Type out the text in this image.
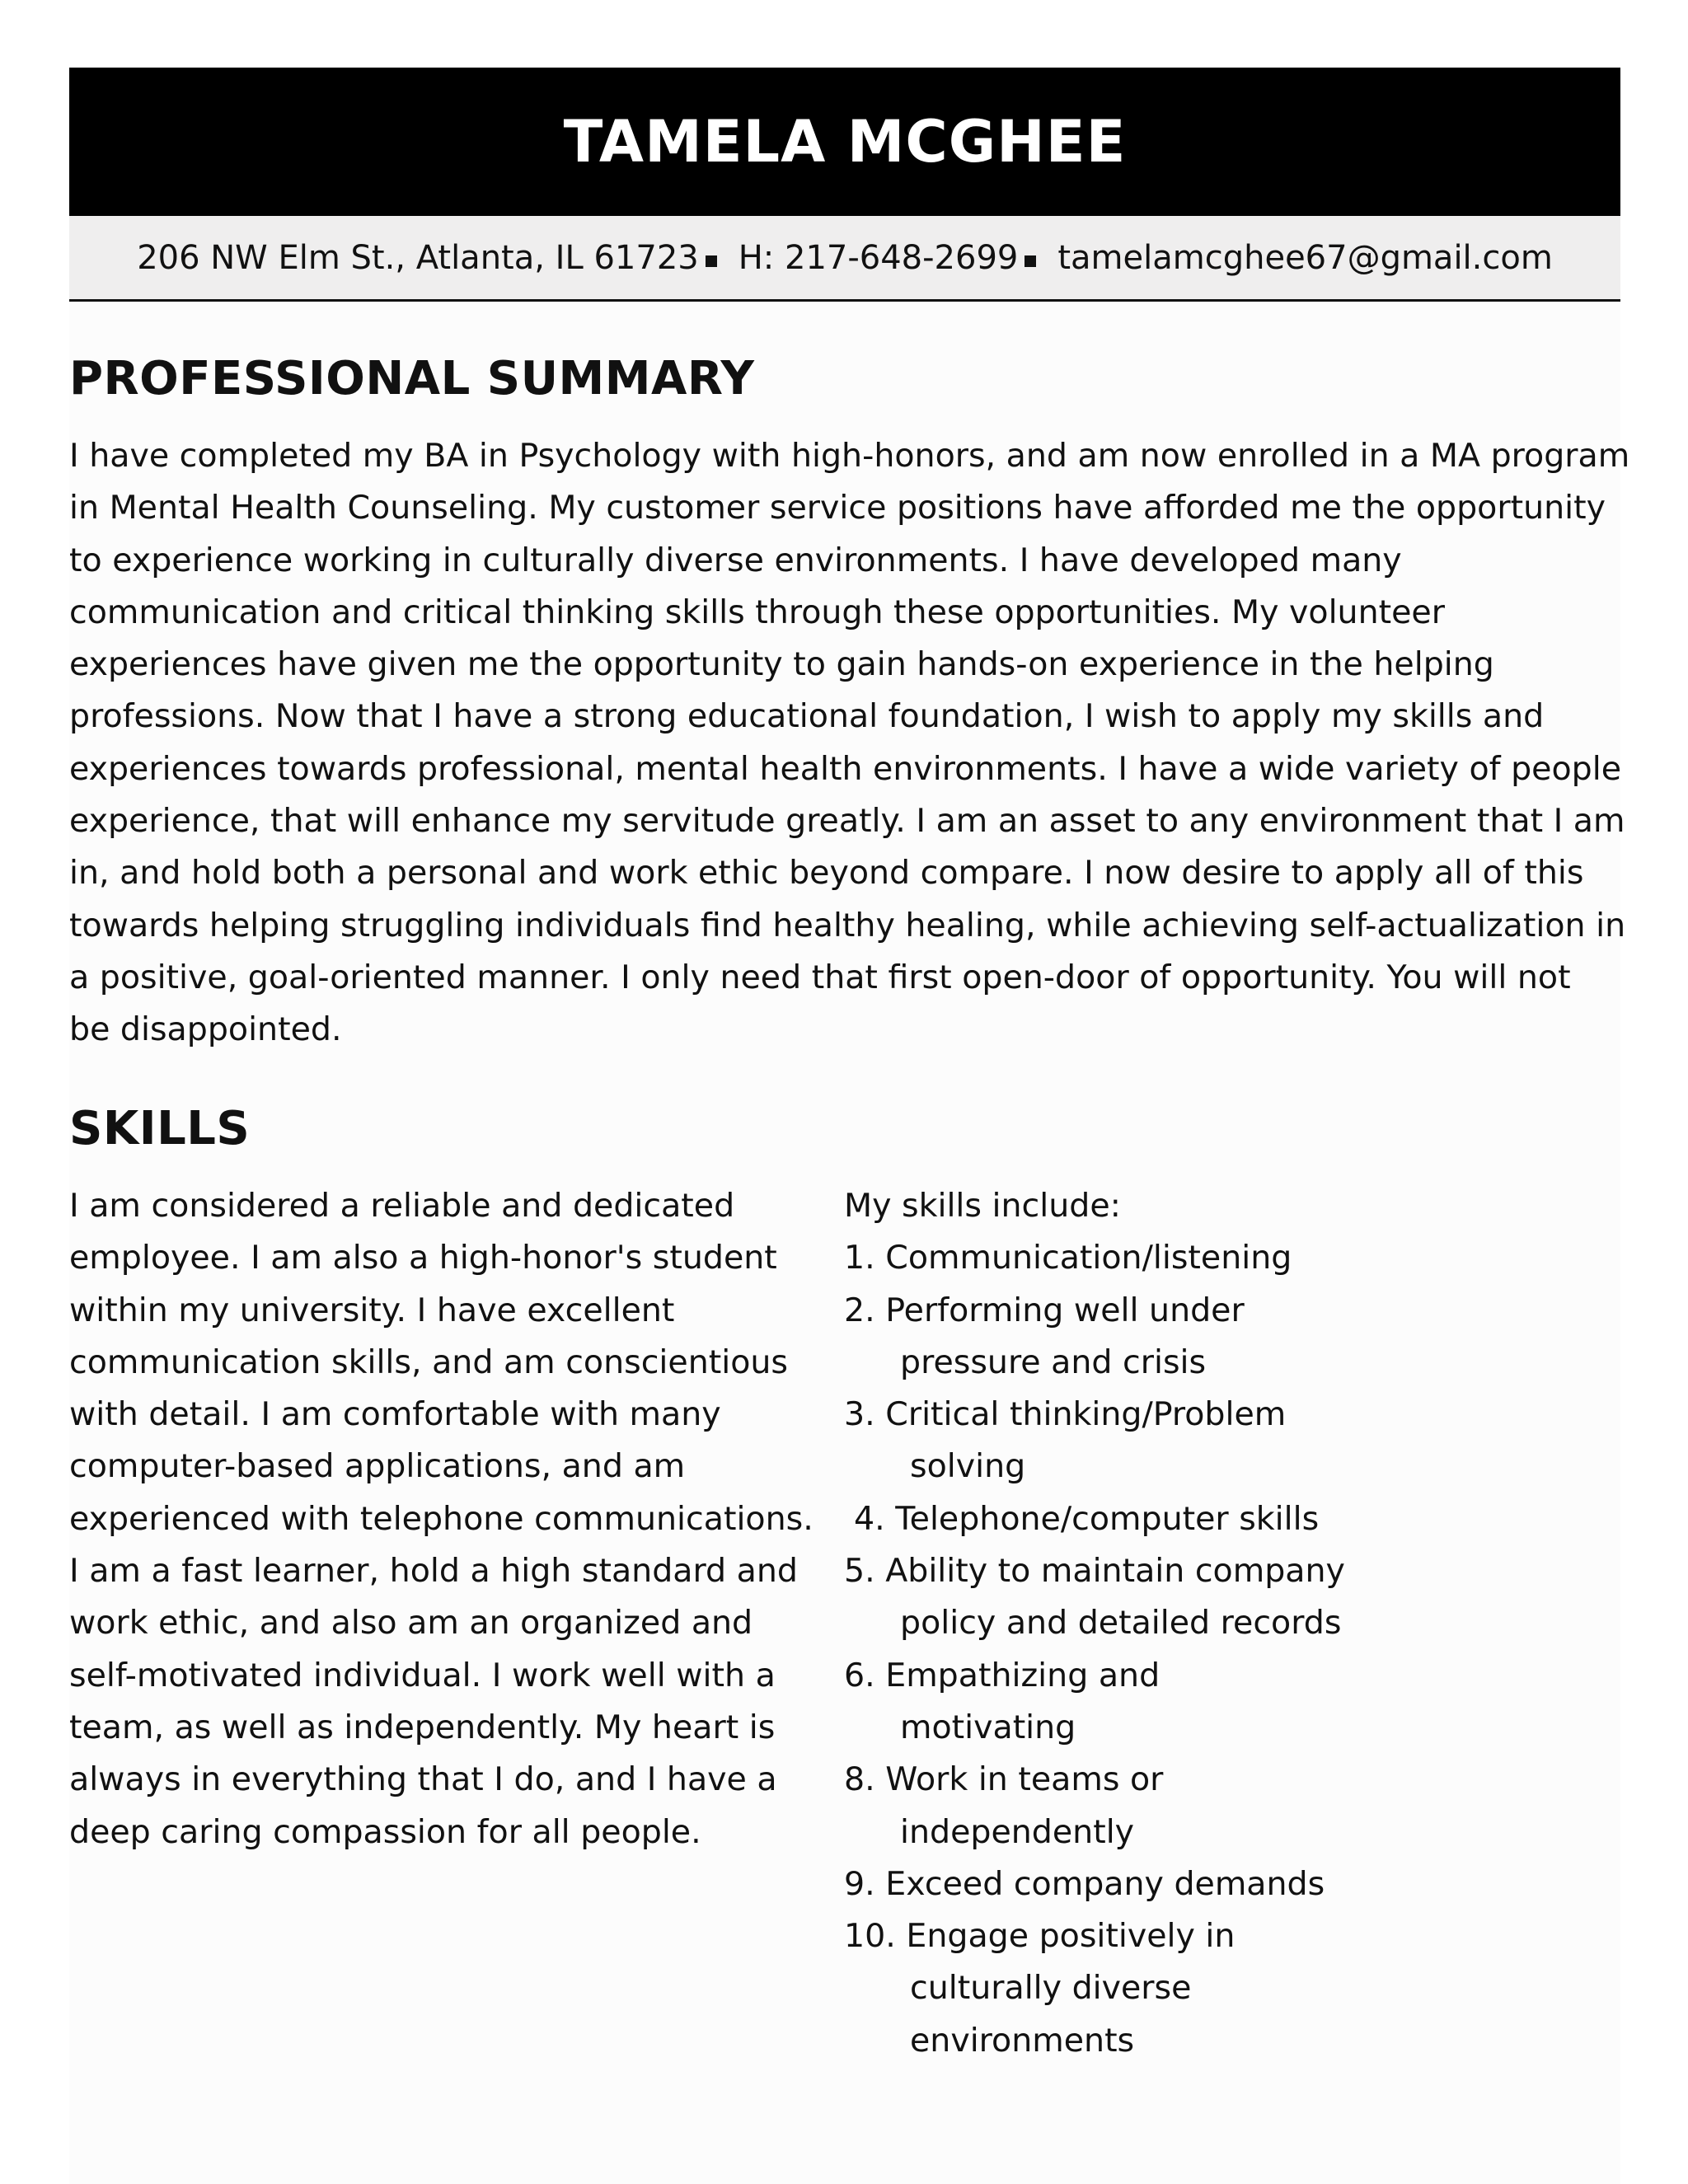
TAMELA MCGHEE
206 NW Elm St., Atlanta, IL 61723 H: 217-648-2699 tamelamcghee67@gmail.com
PROFESSIONAL SUMMARY
I have completed my BA in Psychology with high-honors, and am now enrolled in a MA program
in Mental Health Counseling. My customer service positions have afforded me the opportunity
to experience working in culturally diverse environments. I have developed many
communication and critical thinking skills through these opportunities. My volunteer
experiences have given me the opportunity to gain hands-on experience in the helping
professions. Now that I have a strong educational foundation, I wish to apply my skills and
experiences towards professional, mental health environments. I have a wide variety of people
experience, that will enhance my servitude greatly. I am an asset to any environment that I am
in, and hold both a personal and work ethic beyond compare. I now desire to apply all of this
towards helping struggling individuals find healthy healing, while achieving self-actualization in
a positive, goal-oriented manner. I only need that first open-door of opportunity. You will not
be disappointed.
SKILLS
I am considered a reliable and dedicated
employee. I am also a high-honor's student
within my university. I have excellent
communication skills, and am conscientious
with detail. I am comfortable with many
computer-based applications, and am
experienced with telephone communications.
I am a fast learner, hold a high standard and
work ethic, and also am an organized and
self-motivated individual. I work well with a
team, as well as independently. My heart is
always in everything that I do, and I have a
deep caring compassion for all people.
My skills include:
1. Communication/listening
2. Performing well under
pressure and crisis
3. Critical thinking/Problem
solving
4. Telephone/computer skills
5. Ability to maintain company
policy and detailed records
6. Empathizing and
motivating
8. Work in teams or
independently
9. Exceed company demands
10. Engage positively in
culturally diverse
environments
